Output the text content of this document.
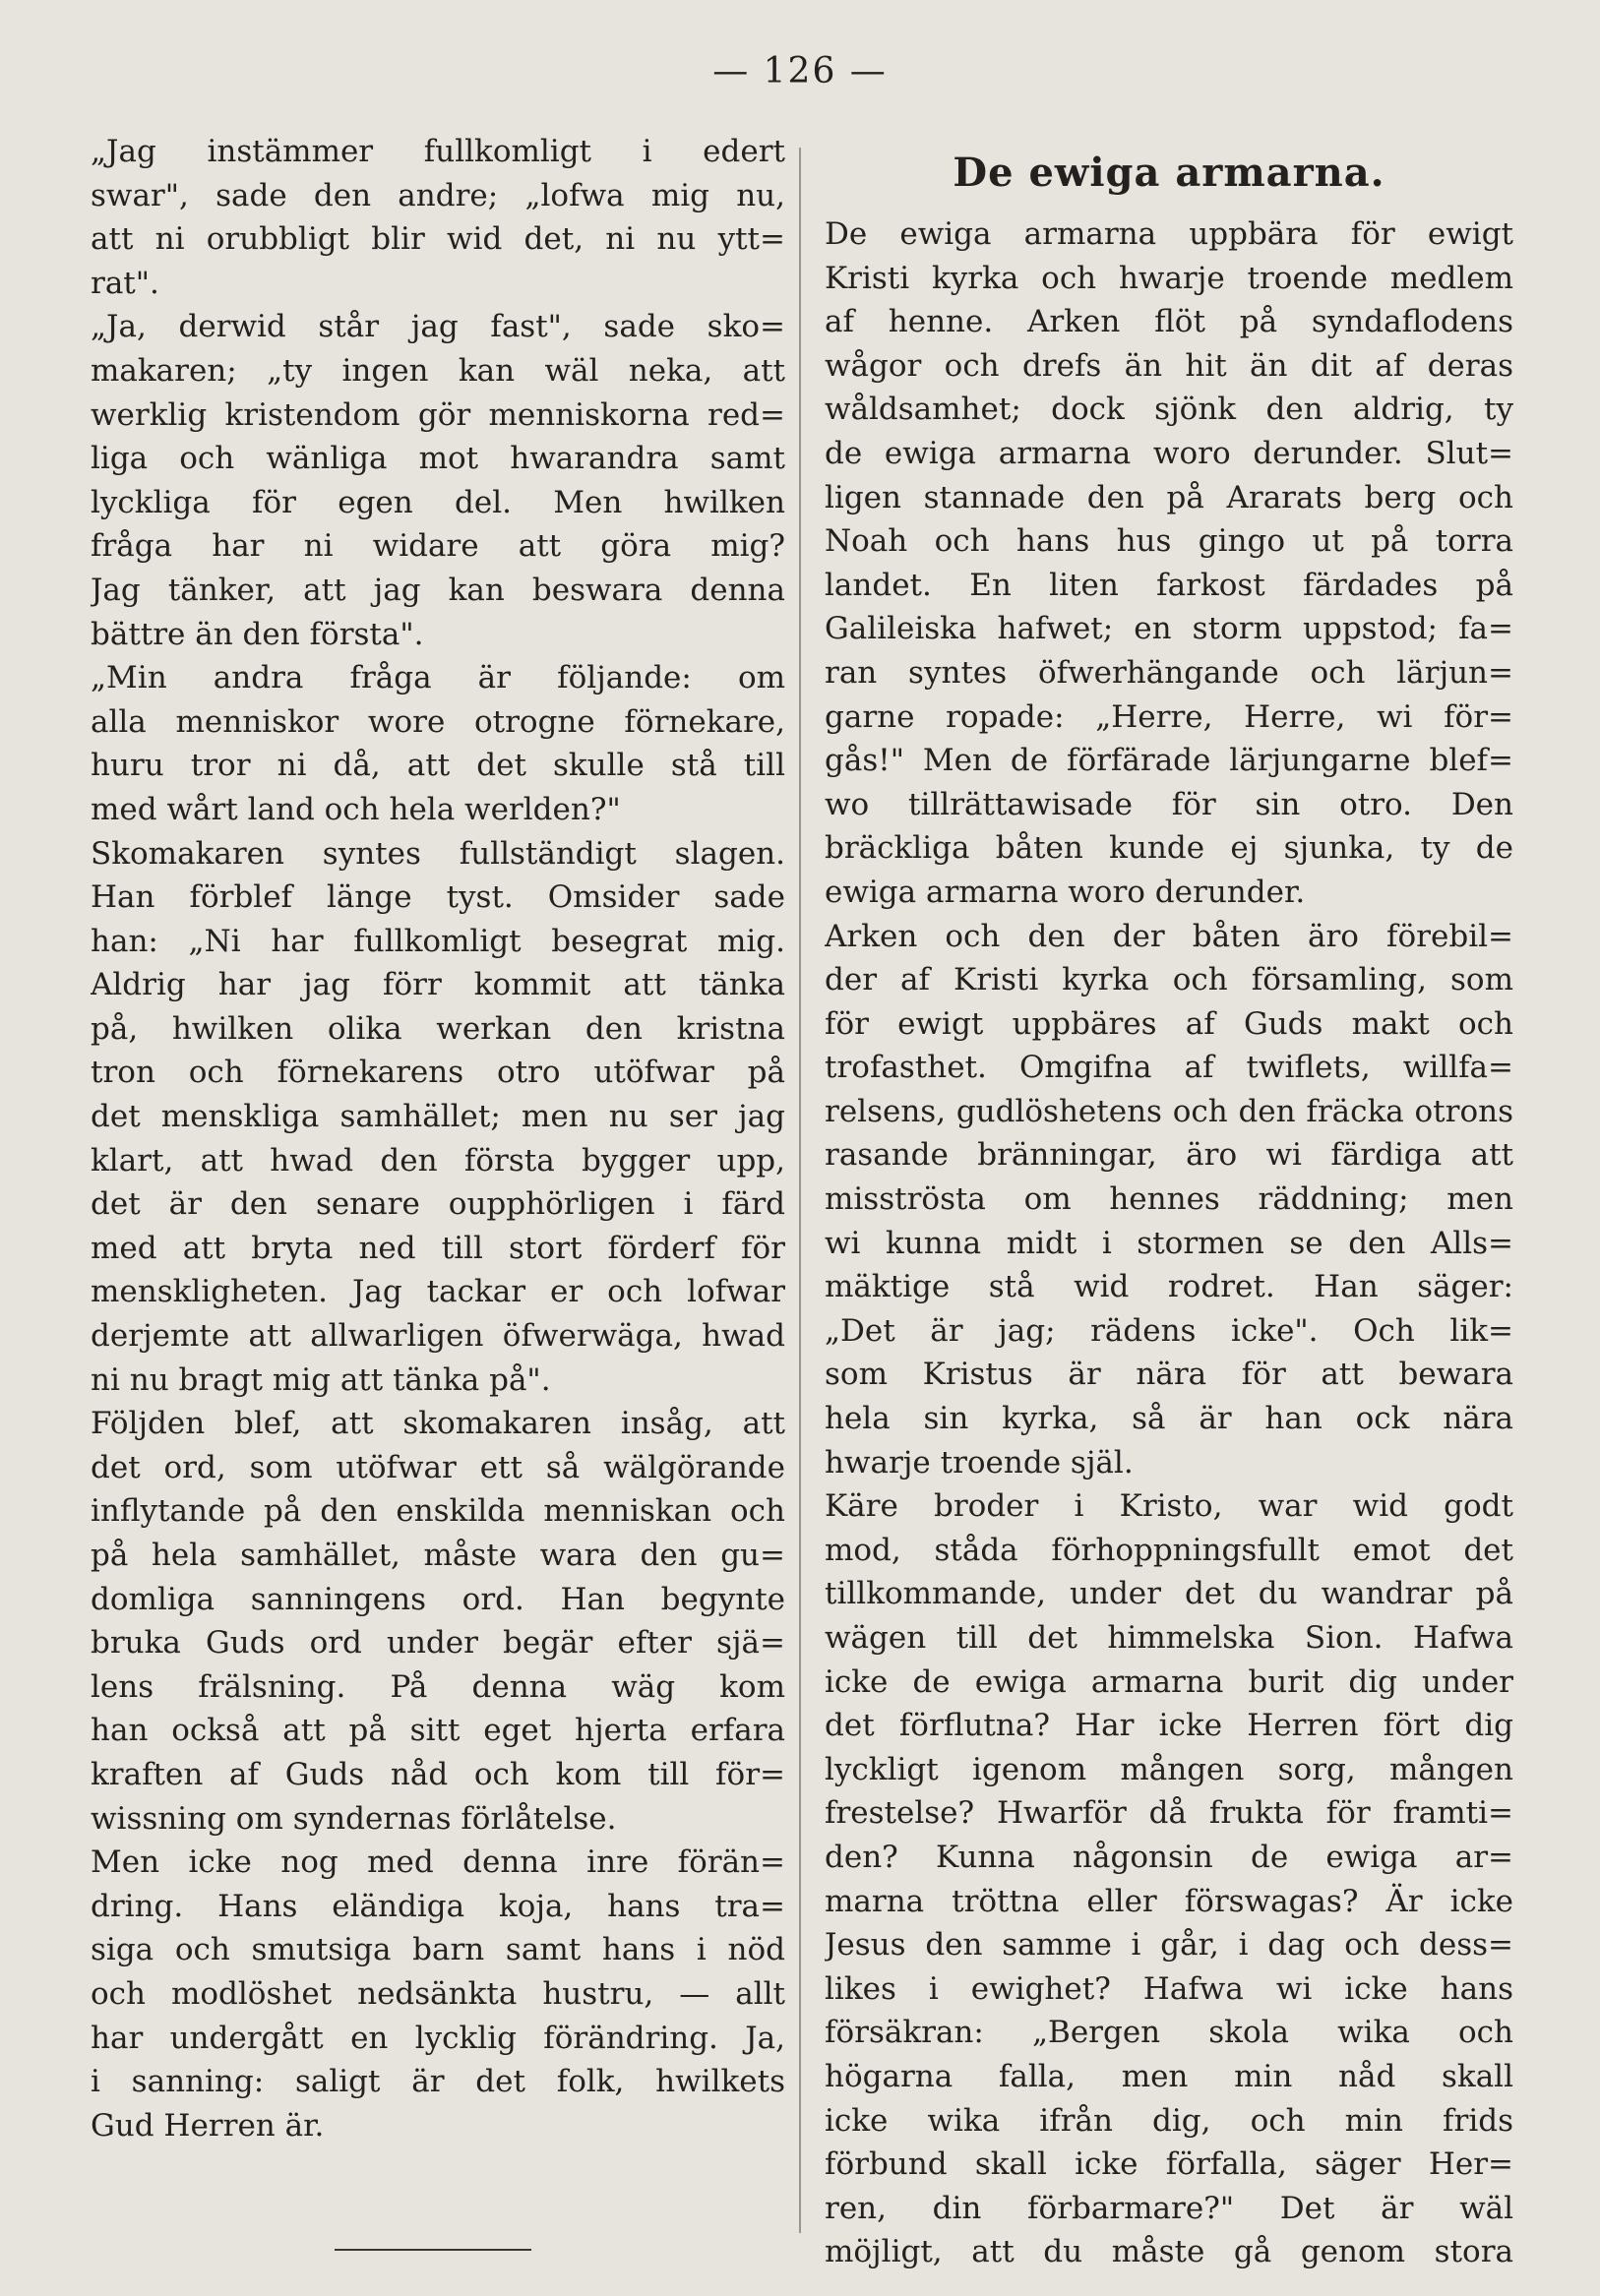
— 126 —
„Jag instämmer fullkomligt i edert
swar", sade den andre; „lofwa mig nu,
att ni orubbligt blir wid det, ni nu ytt=
rat".
„Ja, derwid står jag fast", sade sko=
makaren; „ty ingen kan wäl neka, att
werklig kristendom gör menniskorna red=
liga och wänliga mot hwarandra samt
lyckliga för egen del. Men hwilken
fråga har ni widare att göra mig?
Jag tänker, att jag kan beswara denna
bättre än den första".
„Min andra fråga är följande: om
alla menniskor wore otrogne förnekare,
huru tror ni då, att det skulle stå till
med wårt land och hela werlden?"
Skomakaren syntes fullständigt slagen.
Han förblef länge tyst. Omsider sade
han: „Ni har fullkomligt besegrat mig.
Aldrig har jag förr kommit att tänka
på, hwilken olika werkan den kristna
tron och förnekarens otro utöfwar på
det menskliga samhället; men nu ser jag
klart, att hwad den första bygger upp,
det är den senare oupphörligen i färd
med att bryta ned till stort förderf för
menskligheten. Jag tackar er och lofwar
derjemte att allwarligen öfwerwäga, hwad
ni nu bragt mig att tänka på".
Följden blef, att skomakaren insåg, att
det ord, som utöfwar ett så wälgörande
inflytande på den enskilda menniskan och
på hela samhället, måste wara den gu=
domliga sanningens ord. Han begynte
bruka Guds ord under begär efter sjä=
lens frälsning. På denna wäg kom
han också att på sitt eget hjerta erfara
kraften af Guds nåd och kom till för=
wissning om syndernas förlåtelse.
Men icke nog med denna inre förän=
dring. Hans eländiga koja, hans tra=
siga och smutsiga barn samt hans i nöd
och modlöshet nedsänkta hustru, — allt
har undergått en lycklig förändring. Ja,
i sanning: saligt är det folk, hwilkets
Gud Herren är.
De ewiga armarna.
De ewiga armarna uppbära för ewigt
Kristi kyrka och hwarje troende medlem
af henne. Arken flöt på syndaflodens
wågor och drefs än hit än dit af deras
wåldsamhet; dock sjönk den aldrig, ty
de ewiga armarna woro derunder. Slut=
ligen stannade den på Ararats berg och
Noah och hans hus gingo ut på torra
landet. En liten farkost färdades på
Galileiska hafwet; en storm uppstod; fa=
ran syntes öfwerhängande och lärjun=
garne ropade: „Herre, Herre, wi för=
gås!" Men de förfärade lärjungarne blef=
wo tillrättawisade för sin otro. Den
bräckliga båten kunde ej sjunka, ty de
ewiga armarna woro derunder.
Arken och den der båten äro förebil=
der af Kristi kyrka och församling, som
för ewigt uppbäres af Guds makt och
trofasthet. Omgifna af twiflets, willfa=
relsens, gudlöshetens och den fräcka otrons
rasande bränningar, äro wi färdiga att
misströsta om hennes räddning; men
wi kunna midt i stormen se den Alls=
mäktige stå wid rodret. Han säger:
„Det är jag; rädens icke". Och lik=
som Kristus är nära för att bewara
hela sin kyrka, så är han ock nära
hwarje troende själ.
Käre broder i Kristo, war wid godt
mod, ståda förhoppningsfullt emot det
tillkommande, under det du wandrar på
wägen till det himmelska Sion. Hafwa
icke de ewiga armarna burit dig under
det förflutna? Har icke Herren fört dig
lyckligt igenom mången sorg, mången
frestelse? Hwarför då frukta för framti=
den? Kunna någonsin de ewiga ar=
marna tröttna eller förswagas? Är icke
Jesus den samme i går, i dag och dess=
likes i ewighet? Hafwa wi icke hans
försäkran: „Bergen skola wika och
högarna falla, men min nåd skall
icke wika ifrån dig, och min frids
förbund skall icke förfalla, säger Her=
ren, din förbarmare?" Det är wäl
möjligt, att du måste gå genom stora
